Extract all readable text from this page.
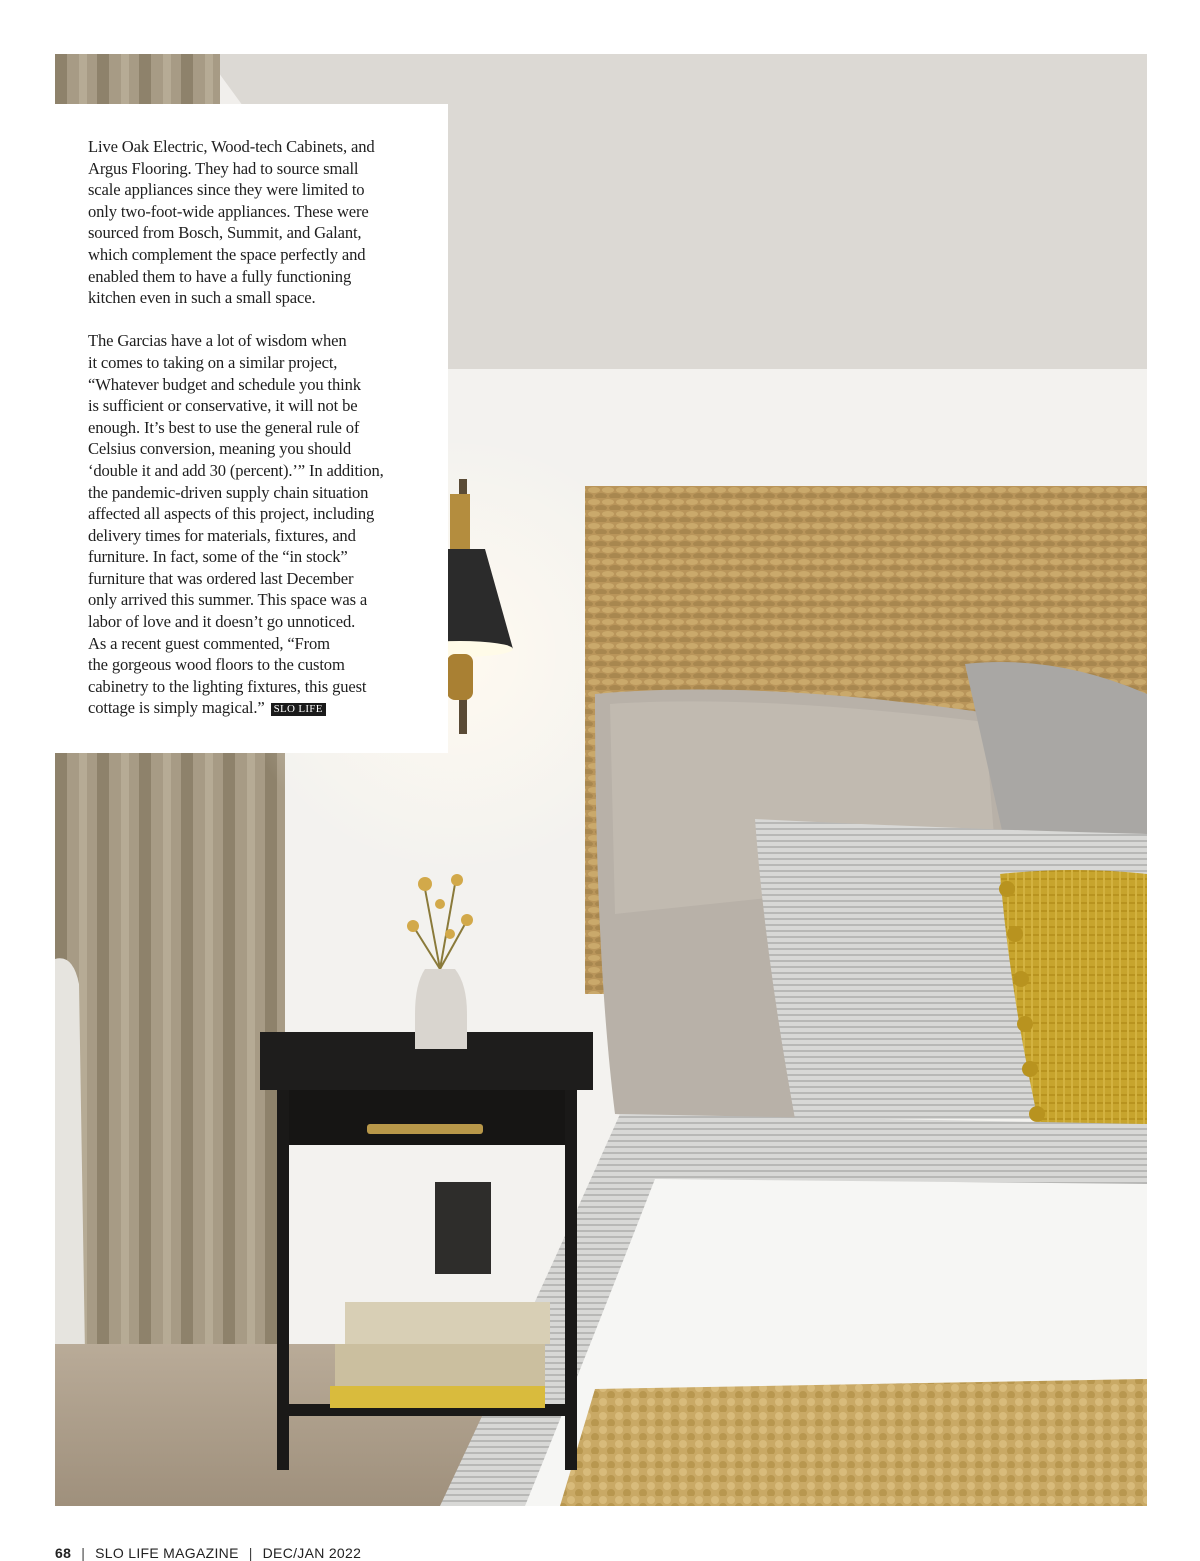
Live Oak Electric, Wood-tech Cabinets, and
Argus Flooring. They had to source small
scale appliances since they were limited to
only two-foot-wide appliances. These were
sourced from Bosch, Summit, and Galant,
which complement the space perfectly and
enabled them to have a fully functioning
kitchen even in such a small space.

The Garcias have a lot of wisdom when
it comes to taking on a similar project,
“Whatever budget and schedule you think
is sufficient or conservative, it will not be
enough. It’s best to use the general rule of
Celsius conversion, meaning you should
‘double it and add 30 (percent).’” In addition,
the pandemic-driven supply chain situation
affected all aspects of this project, including
delivery times for materials, fixtures, and
furniture. In fact, some of the “in stock”
furniture that was ordered last December
only arrived this summer. This space was a
labor of love and it doesn’t go unnoticed.
As a recent guest commented, “From
the gorgeous wood floors to the custom
cabinetry to the lighting fixtures, this guest
cottage is simply magical.” SLO LIFE

68 | SLO LIFE MAGAZINE | DEC/JAN 2022
